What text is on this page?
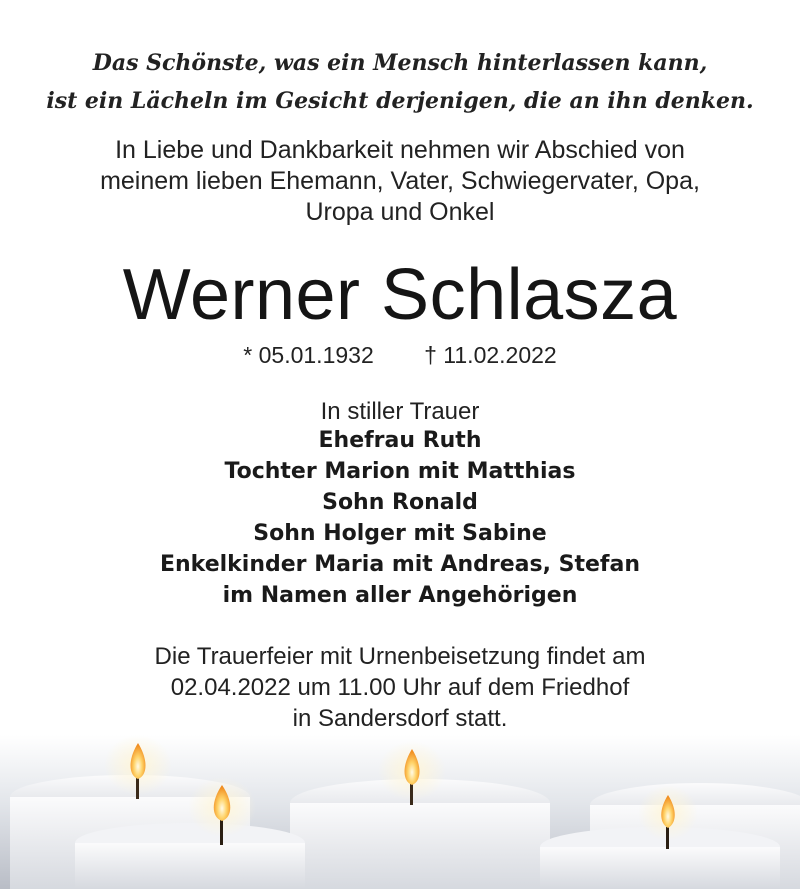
Das Schönste, was ein Mensch hinterlassen kann,
ist ein Lächeln im Gesicht derjenigen, die an ihn denken.
In Liebe und Dankbarkeit nehmen wir Abschied von
meinem lieben Ehemann, Vater, Schwiegervater, Opa,
Uropa und Onkel
Werner Schlasza
* 05.01.1932 † 11.02.2022
In stiller Trauer
Ehefrau Ruth
Tochter Marion mit Matthias
Sohn Ronald
Sohn Holger mit Sabine
Enkelkinder Maria mit Andreas, Stefan
im Namen aller Angehörigen
Die Trauerfeier mit Urnenbeisetzung findet am
02.04.2022 um 11.00 Uhr auf dem Friedhof
in Sandersdorf statt.
